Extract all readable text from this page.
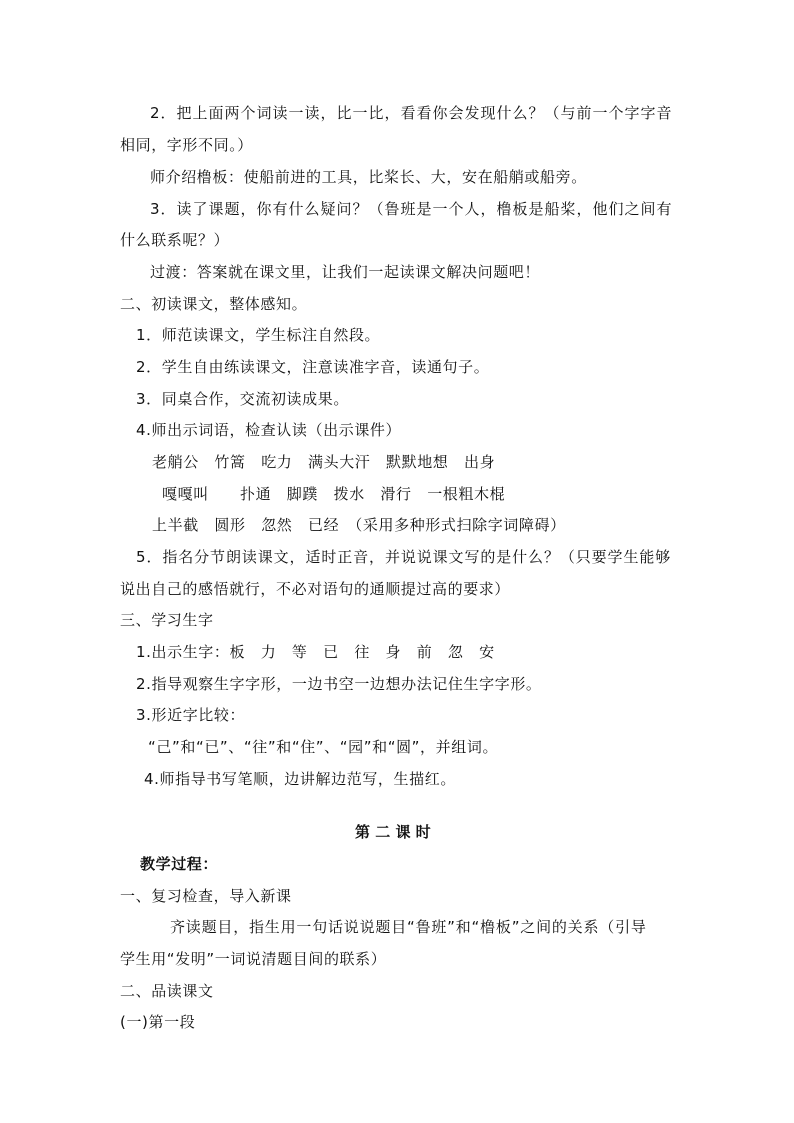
2．把上面两个词读一读，比一比，看看你会发现什么？（与前一个字字音
相同，字形不同。）
师介绍橹板：使船前进的工具，比桨长、大，安在船艄或船旁。
3．读了课题，你有什么疑问？（鲁班是一个人，橹板是船桨，他们之间有
什么联系呢？）
过渡：答案就在课文里，让我们一起读课文解决问题吧！
二、初读课文，整体感知。
1．师范读课文，学生标注自然段。
2．学生自由练读课文，注意读准字音，读通句子。
3．同桌合作，交流初读成果。
4.师出示词语，检查认读（出示课件）
老艄公　竹篙　吃力　满头大汗　默默地想　出身
嘎嘎叫　　扑通　脚蹼　拨水　滑行　一根粗木棍
上半截　圆形　忽然　已经　（采用多种形式扫除字词障碍）
5．指名分节朗读课文，适时正音，并说说课文写的是什么？（只要学生能够
说出自己的感悟就行，不必对语句的通顺提过高的要求）
三、学习生字
1.出示生字：板　力　等　已　往　身　前　忽　安
2.指导观察生字字形，一边书空一边想办法记住生字字形。
3.形近字比较：
“己”和“已”、“往”和“住”、“园”和“圆”，并组词。
4.师指导书写笔顺，边讲解边范写，生描红。
第 二 课 时
教学过程：
一、复习检查，导入新课
齐读题目，指生用一句话说说题目“鲁班”和“橹板”之间的关系（引导
学生用“发明”一词说清题目间的联系）
二、品读课文
(一)第一段
